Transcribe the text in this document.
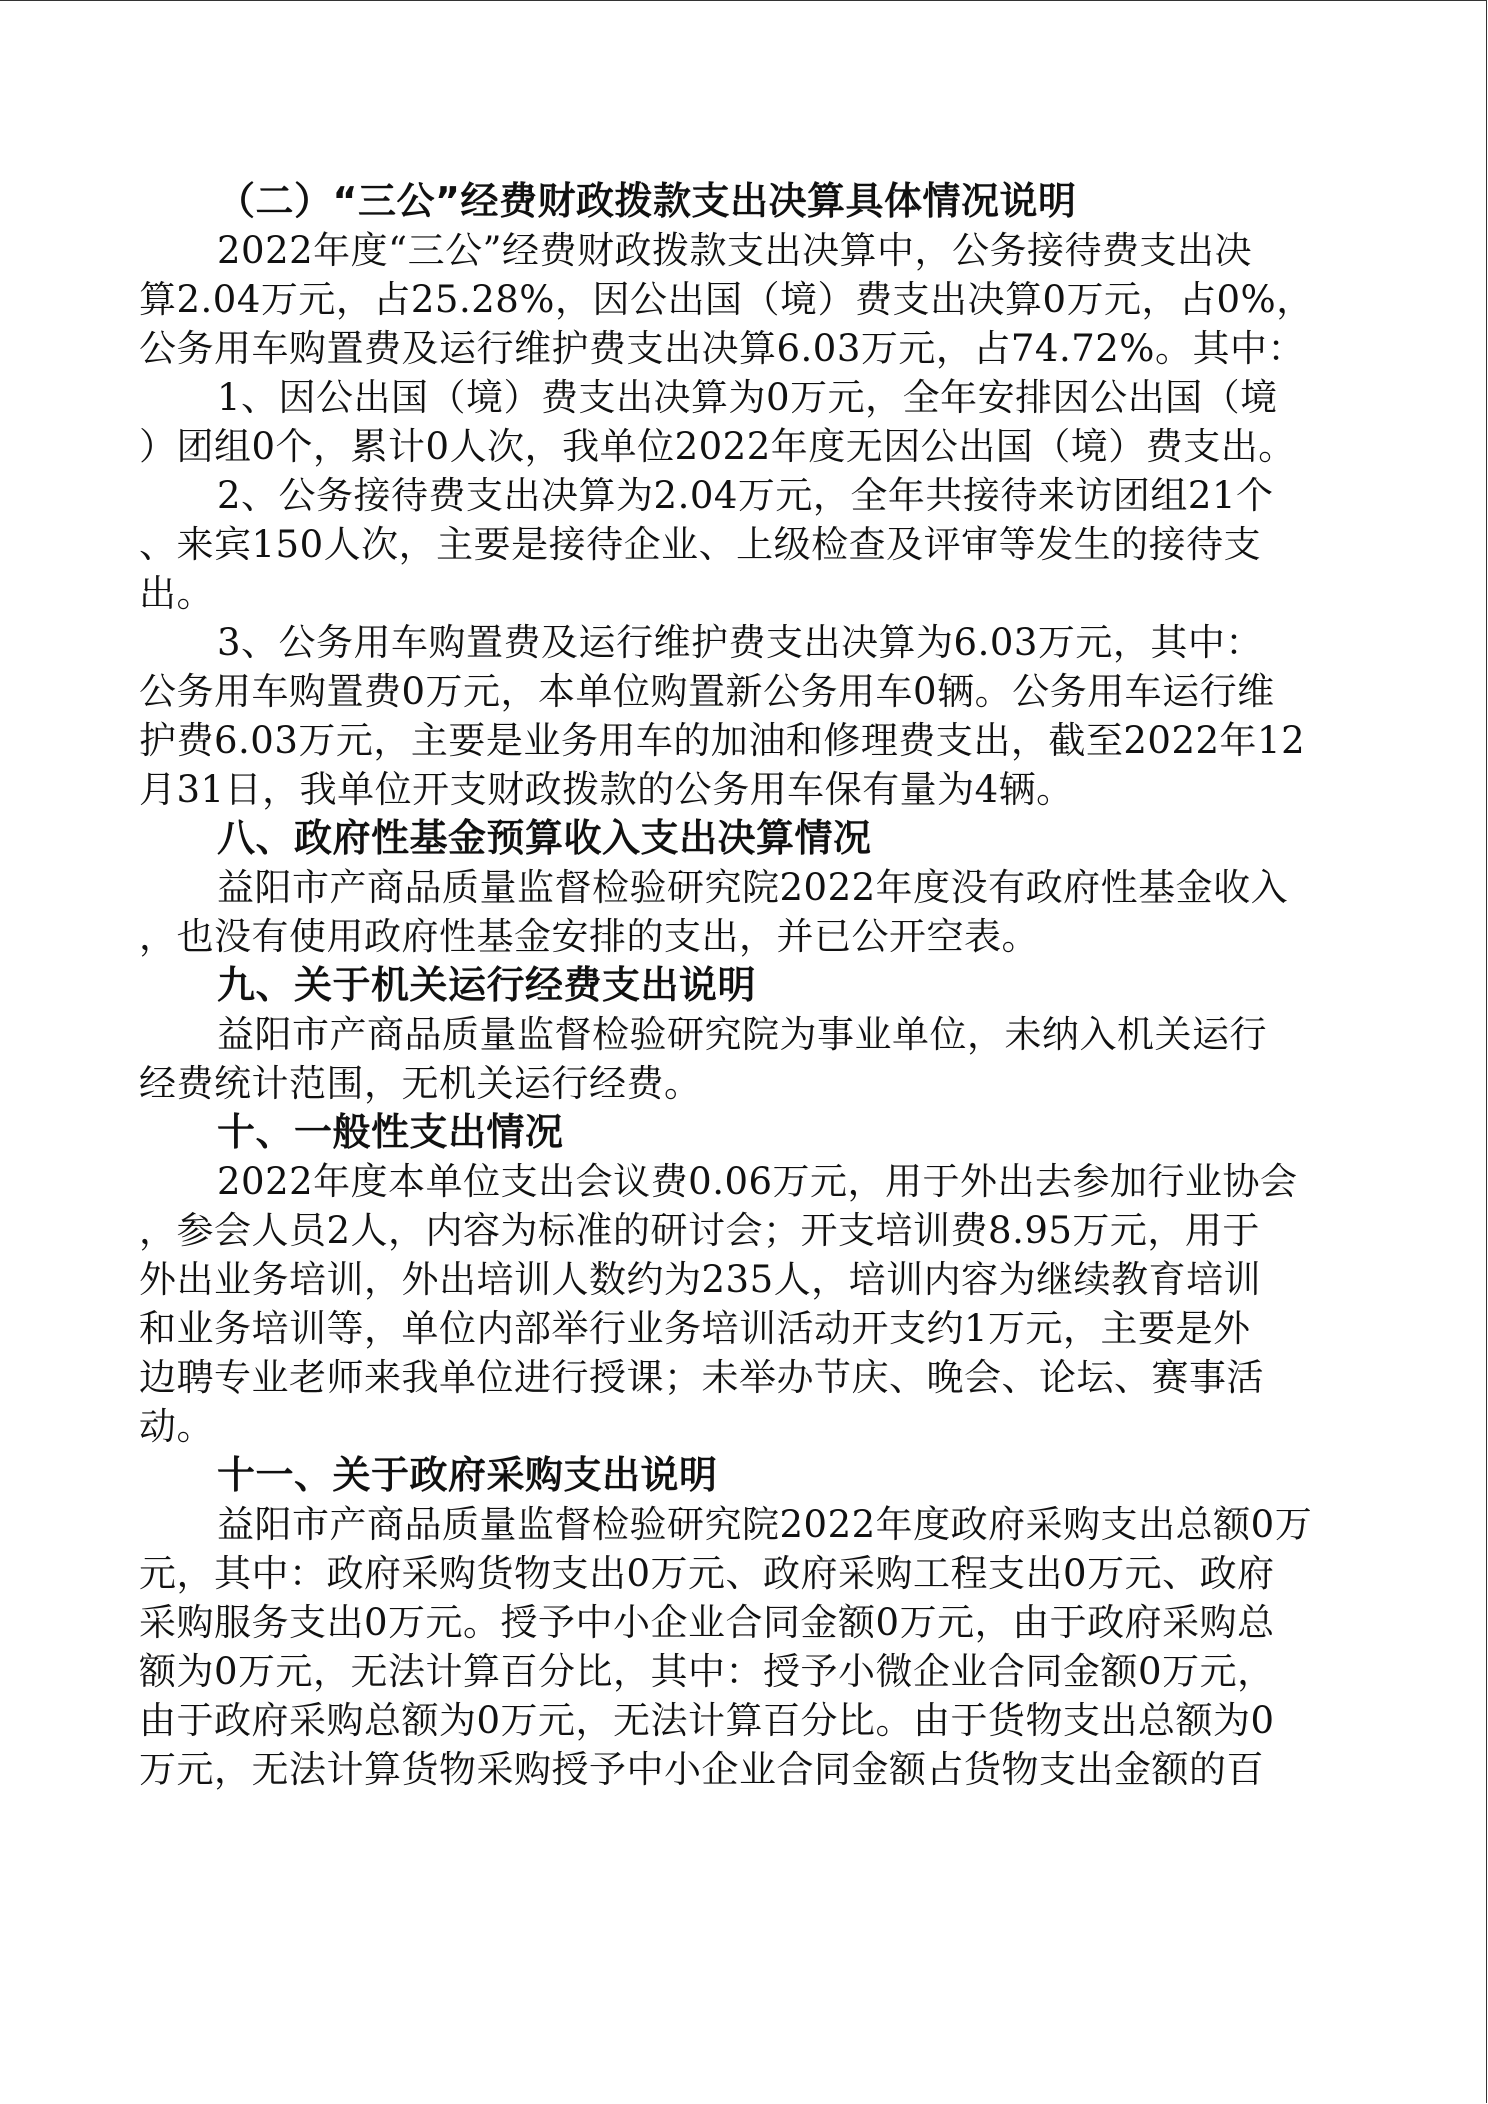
（二）“三公”经费财政拨款支出决算具体情况说明
2022年度“三公”经费财政拨款支出决算中，公务接待费支出决
算2.04万元，占25.28%，因公出国（境）费支出决算0万元，占0%，
公务用车购置费及运行维护费支出决算6.03万元，占74.72%。其中：
1、因公出国（境）费支出决算为0万元，全年安排因公出国（境
）团组0个，累计0人次，我单位2022年度无因公出国（境）费支出。
2、公务接待费支出决算为2.04万元，全年共接待来访团组21个
、来宾150人次，主要是接待企业、上级检查及评审等发生的接待支
出。
3、公务用车购置费及运行维护费支出决算为6.03万元，其中：
公务用车购置费0万元，本单位购置新公务用车0辆。公务用车运行维
护费6.03万元，主要是业务用车的加油和修理费支出，截至2022年12
月31日，我单位开支财政拨款的公务用车保有量为4辆。
八、政府性基金预算收入支出决算情况
益阳市产商品质量监督检验研究院2022年度没有政府性基金收入
，也没有使用政府性基金安排的支出，并已公开空表。
九、关于机关运行经费支出说明
益阳市产商品质量监督检验研究院为事业单位，未纳入机关运行
经费统计范围，无机关运行经费。
十、一般性支出情况
2022年度本单位支出会议费0.06万元，用于外出去参加行业协会
，参会人员2人，内容为标准的研讨会；开支培训费8.95万元，用于
外出业务培训，外出培训人数约为235人，培训内容为继续教育培训
和业务培训等，单位内部举行业务培训活动开支约1万元，主要是外
边聘专业老师来我单位进行授课；未举办节庆、晚会、论坛、赛事活
动。
十一、关于政府采购支出说明
益阳市产商品质量监督检验研究院2022年度政府采购支出总额0万
元，其中：政府采购货物支出0万元、政府采购工程支出0万元、政府
采购服务支出0万元。授予中小企业合同金额0万元，由于政府采购总
额为0万元，无法计算百分比，其中：授予小微企业合同金额0万元，
由于政府采购总额为0万元，无法计算百分比。由于货物支出总额为0
万元，无法计算货物采购授予中小企业合同金额占货物支出金额的百
